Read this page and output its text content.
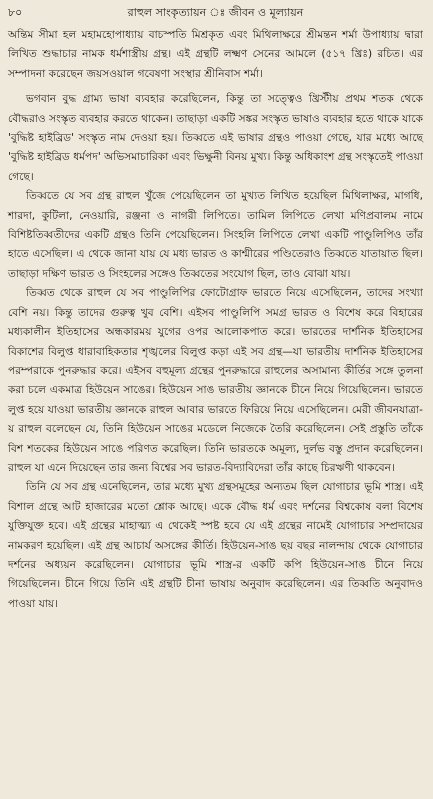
৮০	রাহুল সাংকৃত্যায়ন ঃ জীবন ও মূল্যায়ন

অন্তিম সীমা হল মহামহোপাধ্যায় বাচস্পতি মিশ্রকৃত এবং মিথিলাক্ষরে শ্রীমন্তন শর্মা উপাধ্যায় দ্বারা লিখিত শুদ্ধাচার নামক ধর্মশাস্ত্রীয় গ্রন্থ। এই গ্রন্থটি লক্ষ্মণ সেনের আমলে (৫১৭ খ্রিঃ) রচিত। এর সম্পাদনা করেছেন জয়সওয়াল গবেষণা সংস্থার শ্রীনিবাস শর্মা।

ভগবান বুদ্ধ গ্রাম্য ভাষা ব্যবহার করেছিলেন, কিন্তু তা সত্ত্বেও খ্রিস্টীয় প্রথম শতক থেকে বৌদ্ধরাও সংস্কৃত ব্যবহার করতে থাকেন। তাছাড়া একটি সঙ্কর সংস্কৃত ভাষাও ব্যবহার হতে থাকে যাকে 'বুদ্ধিষ্ট হাইব্রিড' সংস্কৃত নাম দেওয়া হয়। তিব্বতে এই ভাষার গ্রন্থও পাওয়া গেছে, যার মধ্যে আছে 'বুদ্ধিষ্ট হাইব্রিড ধর্মপদ' অভিসমাচারিকা এবং ভিক্ষুনী বিনয় মুখ্য। কিন্তু অধিকাংশ গ্রন্থ সংস্কৃতেই পাওয়া গেছে।

তিব্বতে যে সব গ্রন্থ রাহুল খুঁজে পেয়েছিলেন তা মুখ্যত লিখিত হয়েছিল মিথিলাক্ষর, মাগধি, শারদা, কুটিলা, নেওয়ারি, রঞ্জনা ও নাগরী লিপিতে। তামিল লিপিতে লেখা মণিপ্রবালম নামে বিশিষ্টতিব্বতীদের একটি গ্রন্থও তিনি পেয়েছিলেন। সিংহলি লিপিতে লেখা একটি পাণ্ডুলিপিও তাঁর হাতে এসেছিল। এ থেকে জানা যায় যে মধ্য ভারত ও কাশ্মীরের পণ্ডিতেরাও তিব্বতে যাতায়াত ছিল। তাছাড়া দক্ষিণ ভারত ও সিংহলের সঙ্গেও তিব্বতের সংযোগ ছিল, তাও বোঝা যায়।

তিব্বত থেকে রাহুল যে সব পাণ্ডুলিপির ফোটোগ্রাফ ভারতে নিয়ে এসেছিলেন, তাদের সংখ্যা বেশি নয়। কিন্তু তাদের গুরুত্ব খুব বেশি। এইসব পাণ্ডুলিপি সমগ্র ভারত ও বিশেষ করে বিহারের মধ্যকালীন ইতিহাসের অন্ধকারময় যুগের ওপর আলোকপাত করে। ভারতের দার্শনিক ইতিহাসের বিকাশের বিলুপ্ত ধারাবাহিকতার শৃঙ্খলের বিলুপ্ত কড়া এই সব গ্রন্থ—যা ভারতীয় দার্শনিক ইতিহাসের পরম্পরাকে পুনরুদ্ধার করে। এইসব বহুমূল্য গ্রন্থের পুনরুদ্ধারে রাহুলের অসামান্য কীর্তির সঙ্গে তুলনা করা চলে একমাত্র হিউয়েন সাঙের। হিউয়েন সাঙ ভারতীয় জ্ঞানকে চীনে নিয়ে গিয়েছিলেন। ভারতে লুপ্ত হয়ে যাওয়া ভারতীয় জ্ঞানকে রাহুল আবার ভারতে ফিরিয়ে নিয়ে এসেছিলেন। মেরী জীবনযাত্রা-য় রাহুল বলেছেন যে, তিনি হিউয়েন সাঙের মডেলে নিজেকে তৈরি করেছিলেন। সেই প্রস্তুতি তাঁকে বিশ শতকের হিউয়েন সাঙে পরিণত করেছিল। তিনি ভারতকে অমূল্য, দুর্লভ বস্তু প্রদান করেছিলেন। রাহুল যা এনে দিয়েছেন তার জন্য বিশ্বের সব ভারত-বিদ্যাবিদেরা তাঁর কাছে চিরঋণী থাকবেন।

তিনি যে সব গ্রন্থ এনেছিলেন, তার মধ্যে মুখ্য গ্রন্থসমূহের অন্যতম ছিল যোগাচার ভূমি শাস্ত্র। এই বিশাল গ্রন্থে আট হাজারের মতো শ্লোক আছে। একে বৌদ্ধ ধর্ম এবং দর্শনের বিশ্বকোষ বলা বিশেষ যুক্তিযুক্ত হবে। এই গ্রন্থের মাহাত্ম্য এ থেকেই স্পষ্ট হবে যে এই গ্রন্থের নামেই যোগাচার সম্প্রদায়ের নামকরণ হয়েছিল। এই গ্রন্থ আচার্য অসঙ্গের কীর্তি। হিউয়েন-সাঙ ছয় বছর নালন্দায় থেকে যোগাচার দর্শনের অধ্যয়ন করেছিলেন। যোগাচার ভূমি শাস্ত্র-র একটি কপি হিউয়েন-সাঙ চীনে নিয়ে গিয়েছিলেন। চীনে গিয়ে তিনি এই গ্রন্থটি চীনা ভাষায় অনুবাদ করেছিলেন। এর তিব্বতি অনুবাদও পাওয়া যায়।
